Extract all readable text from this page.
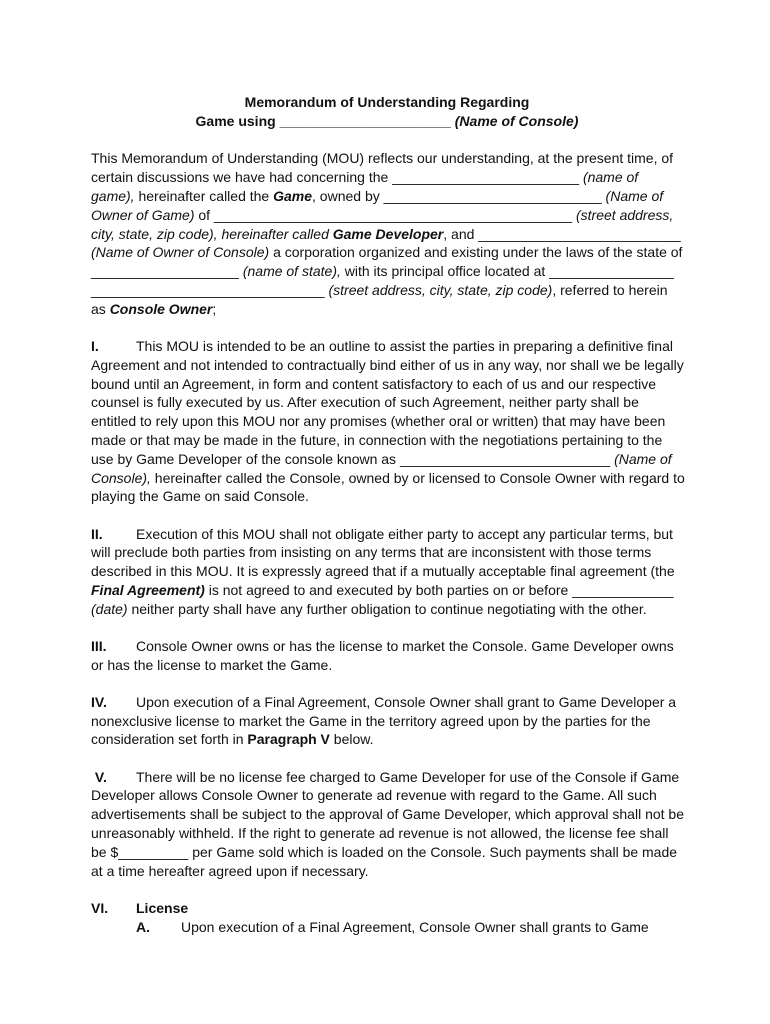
Memorandum of Understanding Regarding
Game using ______________________ (Name of Console)
This Memorandum of Understanding (MOU) reflects our understanding, at the present time, of
certain discussions we have had concerning the ________________________ (name of
game), hereinafter called the Game, owned by ____________________________ (Name of
Owner of Game) of ______________________________________________ (street address,
city, state, zip code), hereinafter called Game Developer, and __________________________
(Name of Owner of Console) a corporation organized and existing under the laws of the state of
___________________ (name of state), with its principal office located at ________________
______________________________ (street address, city, state, zip code), referred to herein
as Console Owner;
I.	This MOU is intended to be an outline to assist the parties in preparing a definitive final
Agreement and not intended to contractually bind either of us in any way, nor shall we be legally
bound until an Agreement, in form and content satisfactory to each of us and our respective
counsel is fully executed by us. After execution of such Agreement, neither party shall be
entitled to rely upon this MOU nor any promises (whether oral or written) that may have been
made or that may be made in the future, in connection with the negotiations pertaining to the
use by Game Developer of the console known as ___________________________ (Name of
Console), hereinafter called the Console, owned by or licensed to Console Owner with regard to
playing the Game on said Console.
II. Execution of this MOU shall not obligate either party to accept any particular terms, but
will preclude both parties from insisting on any terms that are inconsistent with those terms
described in this MOU. It is expressly agreed that if a mutually acceptable final agreement (the
Final Agreement) is not agreed to and executed by both parties on or before _____________
(date) neither party shall have any further obligation to continue negotiating with the other.
III. Console Owner owns or has the license to market the Console. Game Developer owns
or has the license to market the Game.
IV. Upon execution of a Final Agreement, Console Owner shall grant to Game Developer a
nonexclusive license to market the Game in the territory agreed upon by the parties for the
consideration set forth in Paragraph V below.
V. There will be no license fee charged to Game Developer for use of the Console if Game
Developer allows Console Owner to generate ad revenue with regard to the Game. All such
advertisements shall be subject to the approval of Game Developer, which approval shall not be
unreasonably withheld. If the right to generate ad revenue is not allowed, the license fee shall
be $_________ per Game sold which is loaded on the Console. Such payments shall be made
at a time hereafter agreed upon if necessary.
VI. License
A. Upon execution of a Final Agreement, Console Owner shall grants to Game
